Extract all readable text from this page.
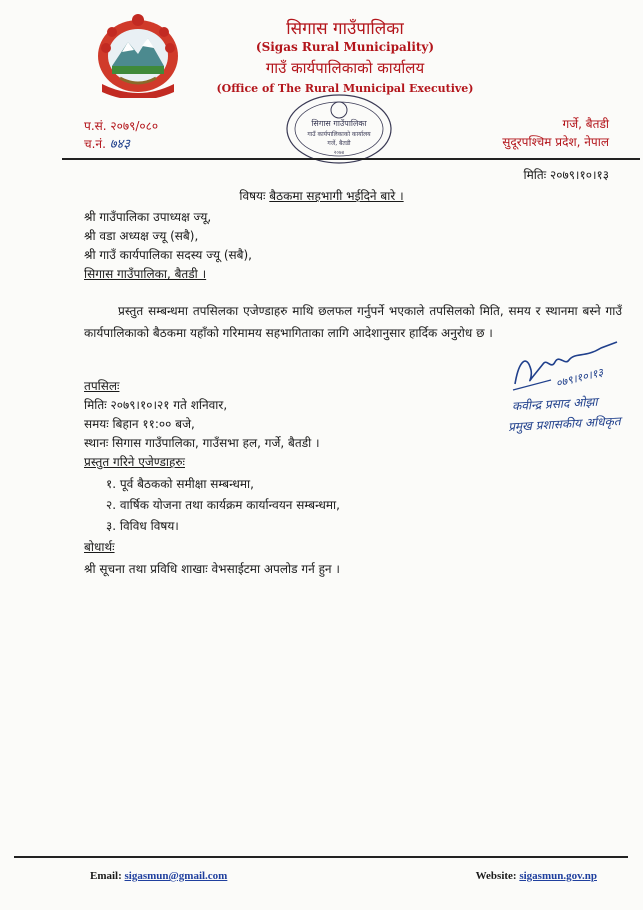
सिगास गाउँपालिका
(Sigas Rural Municipality)
गाउँ कार्यपालिकाको कार्यालय
(Office of The Rural Municipal Executive)
प.सं. २०७९/०८०
च.नं. ७४३
गर्जे, बैतडी
सुदूरपश्चिम प्रदेश, नेपाल
सिगास गाउँपालिका
गाउँ कार्यपालिकाको कार्यालय
गर्जे, बैतडी
२०७४
मितिः २०७९।१०।१३
विषयः बैठकमा सहभागी भईदिने बारे ।
श्री गाउँपालिका उपाध्यक्ष ज्यू,
श्री वडा अध्यक्ष ज्यू (सबै),
श्री गाउँ कार्यपालिका सदस्य ज्यू (सबै),
सिगास गाउँपालिका, बैतडी ।
प्रस्तुत सम्बन्धमा तपसिलका एजेण्डाहरु माथि छलफल गर्नुपर्ने भएकाले तपसिलको मिति, समय र स्थानमा बस्ने गाउँ कार्यपालिकाको बैठकमा यहाँको गरिमामय सहभागिताका लागि आदेशानुसार हार्दिक अनुरोध छ ।
०७९।१०।१३
कवीन्द्र प्रसाद ओझा
प्रमुख प्रशासकीय अधिकृत
तपसिलः
मितिः २०७९।१०।२१ गते शनिवार,
समयः बिहान ११:०० बजे,
स्थानः सिगास गाउँपालिका, गाउँसभा हल, गर्जे, बैतडी ।
प्रस्तुत गरिने एजेण्डाहरुः
१. पूर्व बैठकको समीक्षा सम्बन्धमा,
२. वार्षिक योजना तथा कार्यक्रम कार्यान्वयन सम्बन्धमा,
३. विविध विषय।
बोधार्थः
श्री सूचना तथा प्रविधि शाखाः वेभसाईटमा अपलोड गर्न हुन ।
Email: sigasmun@gmail.com	Website: sigasmun.gov.np
